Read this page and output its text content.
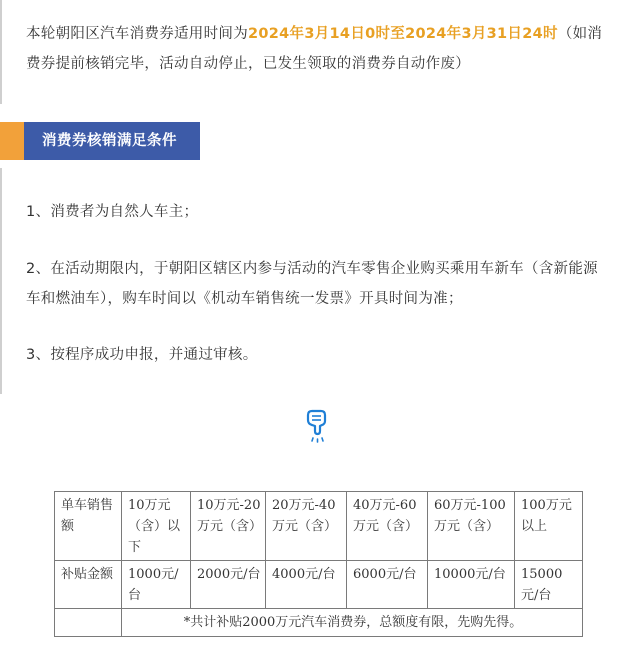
本轮朝阳区汽车消费券适用时间为2024年3月14日0时至2024年3月31日24时（如消费券提前核销完毕，活动自动停止，已发生领取的消费券自动作废）

消费券核销满足条件

1、消费者为自然人车主；

2、在活动期限内，于朝阳区辖区内参与活动的汽车零售企业购买乘用车新车（含新能源车和燃油车），购车时间以《机动车销售统一发票》开具时间为准；

3、按程序成功申报，并通过审核。

单车销售额	10万元（含）以下	10万元-20万元（含）	20万元-40万元（含）	40万元-60万元（含）	60万元-100万元（含）	100万元以上
补贴金额	1000元/台	2000元/台	4000元/台	6000元/台	10000元/台	15000元/台
	*共计补贴2000万元汽车消费券，总额度有限，先购先得。					
